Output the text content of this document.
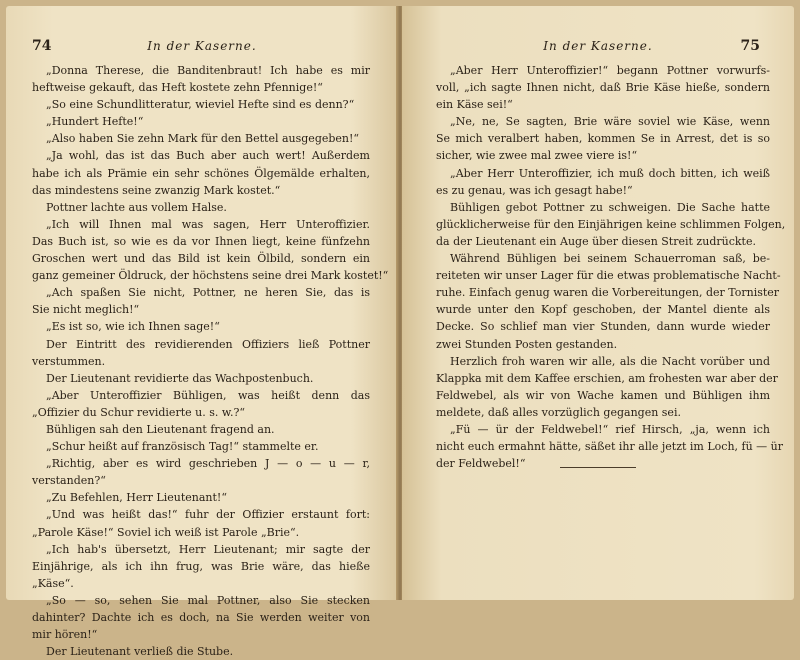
74	In der Kaserne.
„Donna Therese, die Banditenbraut! Ich habe es mir
heftweise gekauft, das Heft kostete zehn Pfennige!“
„So eine Schundlitteratur, wieviel Hefte sind es denn?“
„Hundert Hefte!“
„Also haben Sie zehn Mark für den Bettel ausgegeben!“
„Ja wohl, das ist das Buch aber auch wert! Außerdem
habe ich als Prämie ein sehr schönes Ölgemälde erhalten,
das mindestens seine zwanzig Mark kostet.“
Pottner lachte aus vollem Halse.
„Ich will Ihnen mal was sagen, Herr Unteroffizier.
Das Buch ist, so wie es da vor Ihnen liegt, keine fünfzehn
Groschen wert und das Bild ist kein Ölbild, sondern ein
ganz gemeiner Öldruck, der höchstens seine drei Mark kostet!“
„Ach spaßen Sie nicht, Pottner, ne heren Sie, das is
Sie nicht meglich!“
„Es ist so, wie ich Ihnen sage!“
Der Eintritt des revidierenden Offiziers ließ Pottner
verstummen.
Der Lieutenant revidierte das Wachpostenbuch.
„Aber Unteroffizier Bühligen, was heißt denn das
„Offizier du Schur revidierte u. s. w.?“
Bühligen sah den Lieutenant fragend an.
„Schur heißt auf französisch Tag!“ stammelte er.
„Richtig, aber es wird geschrieben J — o — u — r,
verstanden?“
„Zu Befehlen, Herr Lieutenant!“
„Und was heißt das!“ fuhr der Offizier erstaunt fort:
„Parole Käse!“ Soviel ich weiß ist Parole „Brie“.
„Ich hab's übersetzt, Herr Lieutenant; mir sagte der
Einjährige, als ich ihn frug, was Brie wäre, das hieße
„Käse“.
„So — so, sehen Sie mal Pottner, also Sie stecken
dahinter? Dachte ich es doch, na Sie werden weiter von
mir hören!“
Der Lieutenant verließ die Stube.
In der Kaserne.	75
„Aber Herr Unteroffizier!“ begann Pottner vorwurfs-
voll, „ich sagte Ihnen nicht, daß Brie Käse hieße, sondern
ein Käse sei!“
„Ne, ne, Se sagten, Brie wäre soviel wie Käse, wenn
Se mich veralbert haben, kommen Se in Arrest, det is so
sicher, wie zwee mal zwee viere is!“
„Aber Herr Unteroffizier, ich muß doch bitten, ich weiß
es zu genau, was ich gesagt habe!“
Bühligen gebot Pottner zu schweigen. Die Sache hatte
glücklicherweise für den Einjährigen keine schlimmen Folgen,
da der Lieutenant ein Auge über diesen Streit zudrückte.
Während Bühligen bei seinem Schauerroman saß, be-
reiteten wir unser Lager für die etwas problematische Nacht-
ruhe. Einfach genug waren die Vorbereitungen, der Tornister
wurde unter den Kopf geschoben, der Mantel diente als
Decke. So schlief man vier Stunden, dann wurde wieder
zwei Stunden Posten gestanden.
Herzlich froh waren wir alle, als die Nacht vorüber und
Klappka mit dem Kaffee erschien, am frohesten war aber der
Feldwebel, als wir von Wache kamen und Bühligen ihm
meldete, daß alles vorzüglich gegangen sei.
„Fü — ür der Feldwebel!“ rief Hirsch, „ja, wenn ich
nicht euch ermahnt hätte, säßet ihr alle jetzt im Loch, fü — ür
der Feldwebel!“
